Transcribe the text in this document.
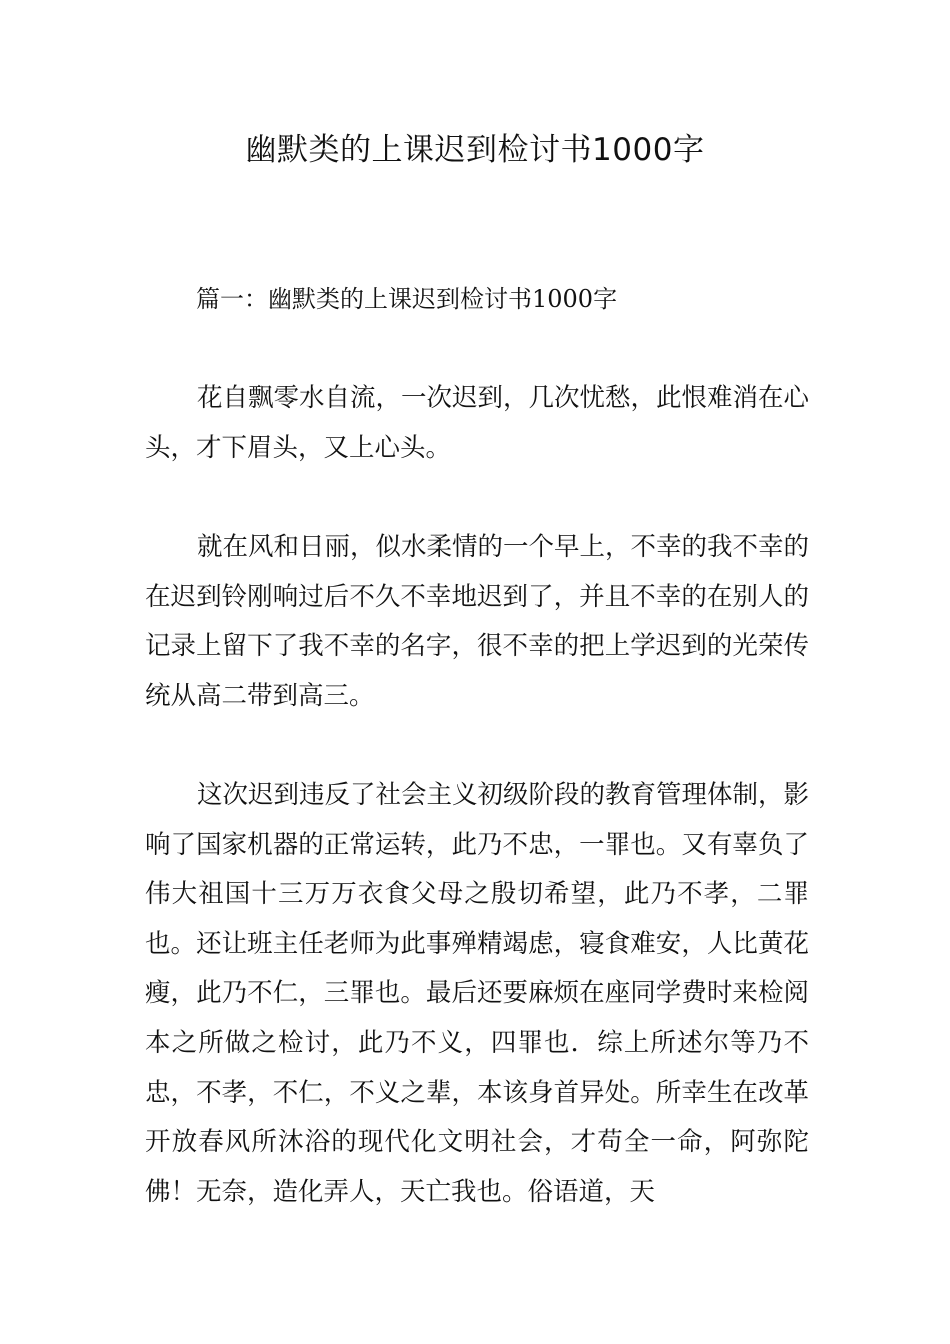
幽默类的上课迟到检讨书1000字

篇一：幽默类的上课迟到检讨书1000字

花自飘零水自流，一次迟到，几次忧愁，此恨难消在心头，才下眉头，又上心头。

就在风和日丽，似水柔情的一个早上，不幸的我不幸的在迟到铃刚响过后不久不幸地迟到了，并且不幸的在别人的记录上留下了我不幸的名字，很不幸的把上学迟到的光荣传统从高二带到高三。

这次迟到违反了社会主义初级阶段的教育管理体制，影响了国家机器的正常运转，此乃不忠，一罪也。又有辜负了伟大祖国十三万万衣食父母之殷切希望，此乃不孝，二罪也。还让班主任老师为此事殚精竭虑，寝食难安，人比黄花瘦，此乃不仁，三罪也。最后还要麻烦在座同学费时来检阅本之所做之检讨，此乃不义，四罪也．综上所述尔等乃不忠，不孝，不仁，不义之辈，本该身首异处。所幸生在改革开放春风所沐浴的现代化文明社会，才苟全一命，阿弥陀佛！无奈，造化弄人，天亡我也。俗语道，天
